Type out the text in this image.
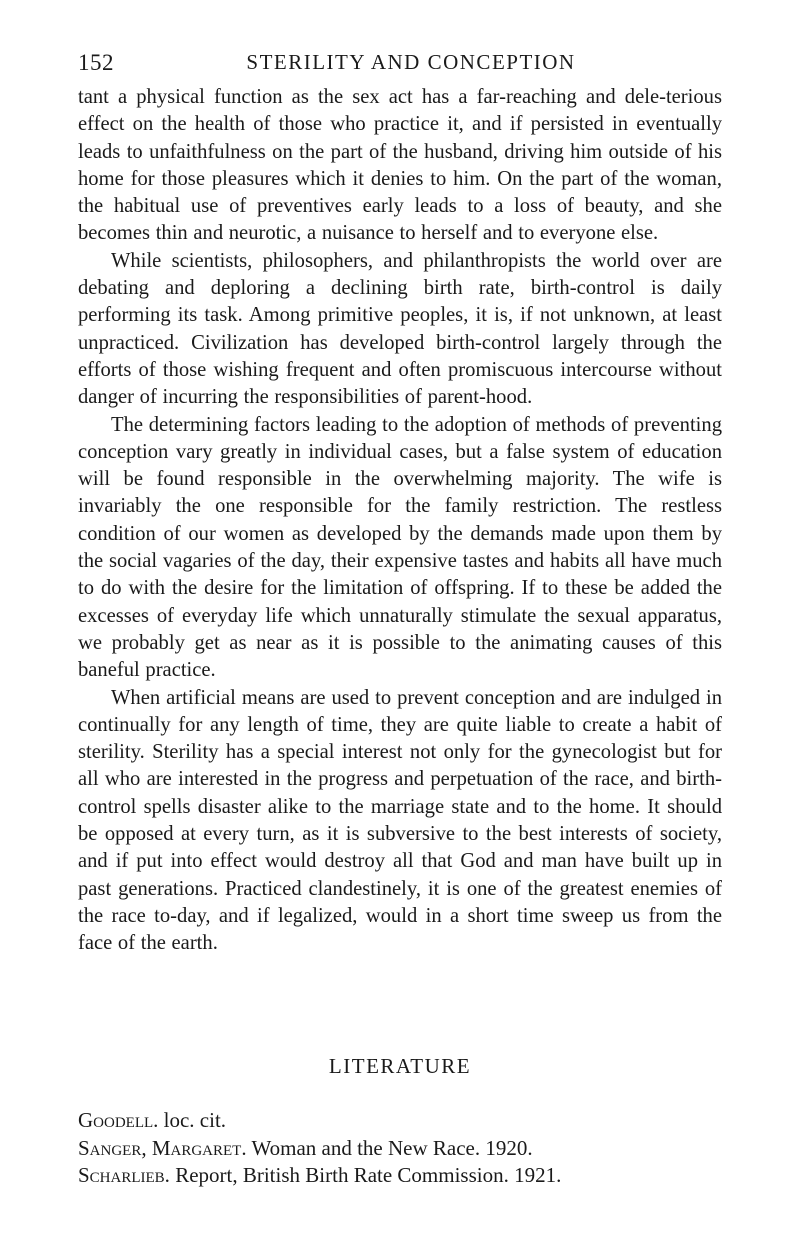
152	STERILITY AND CONCEPTION

tant a physical function as the sex act has a far-reaching and dele-terious effect on the health of those who practice it, and if persisted in eventually leads to unfaithfulness on the part of the husband, driving him outside of his home for those pleasures which it denies to him. On the part of the woman, the habitual use of preventives early leads to a loss of beauty, and she becomes thin and neurotic, a nuisance to herself and to everyone else.

While scientists, philosophers, and philanthropists the world over are debating and deploring a declining birth rate, birth-control is daily performing its task. Among primitive peoples, it is, if not unknown, at least unpracticed. Civilization has developed birth-control largely through the efforts of those wishing frequent and often promiscuous intercourse without danger of incurring the responsibilities of parent-hood.

The determining factors leading to the adoption of methods of preventing conception vary greatly in individual cases, but a false system of education will be found responsible in the overwhelming majority. The wife is invariably the one responsible for the family restriction. The restless condition of our women as developed by the demands made upon them by the social vagaries of the day, their expensive tastes and habits all have much to do with the desire for the limitation of offspring. If to these be added the excesses of everyday life which unnaturally stimulate the sexual apparatus, we probably get as near as it is possible to the animating causes of this baneful practice.

When artificial means are used to prevent conception and are indulged in continually for any length of time, they are quite liable to create a habit of sterility. Sterility has a special interest not only for the gynecologist but for all who are interested in the progress and perpetuation of the race, and birth-control spells disaster alike to the marriage state and to the home. It should be opposed at every turn, as it is subversive to the best interests of society, and if put into effect would destroy all that God and man have built up in past generations. Practiced clandestinely, it is one of the greatest enemies of the race to-day, and if legalized, would in a short time sweep us from the face of the earth.

LITERATURE
Goodell. loc. cit.
Sanger, Margaret. Woman and the New Race. 1920.
Scharlieb. Report, British Birth Rate Commission. 1921.
